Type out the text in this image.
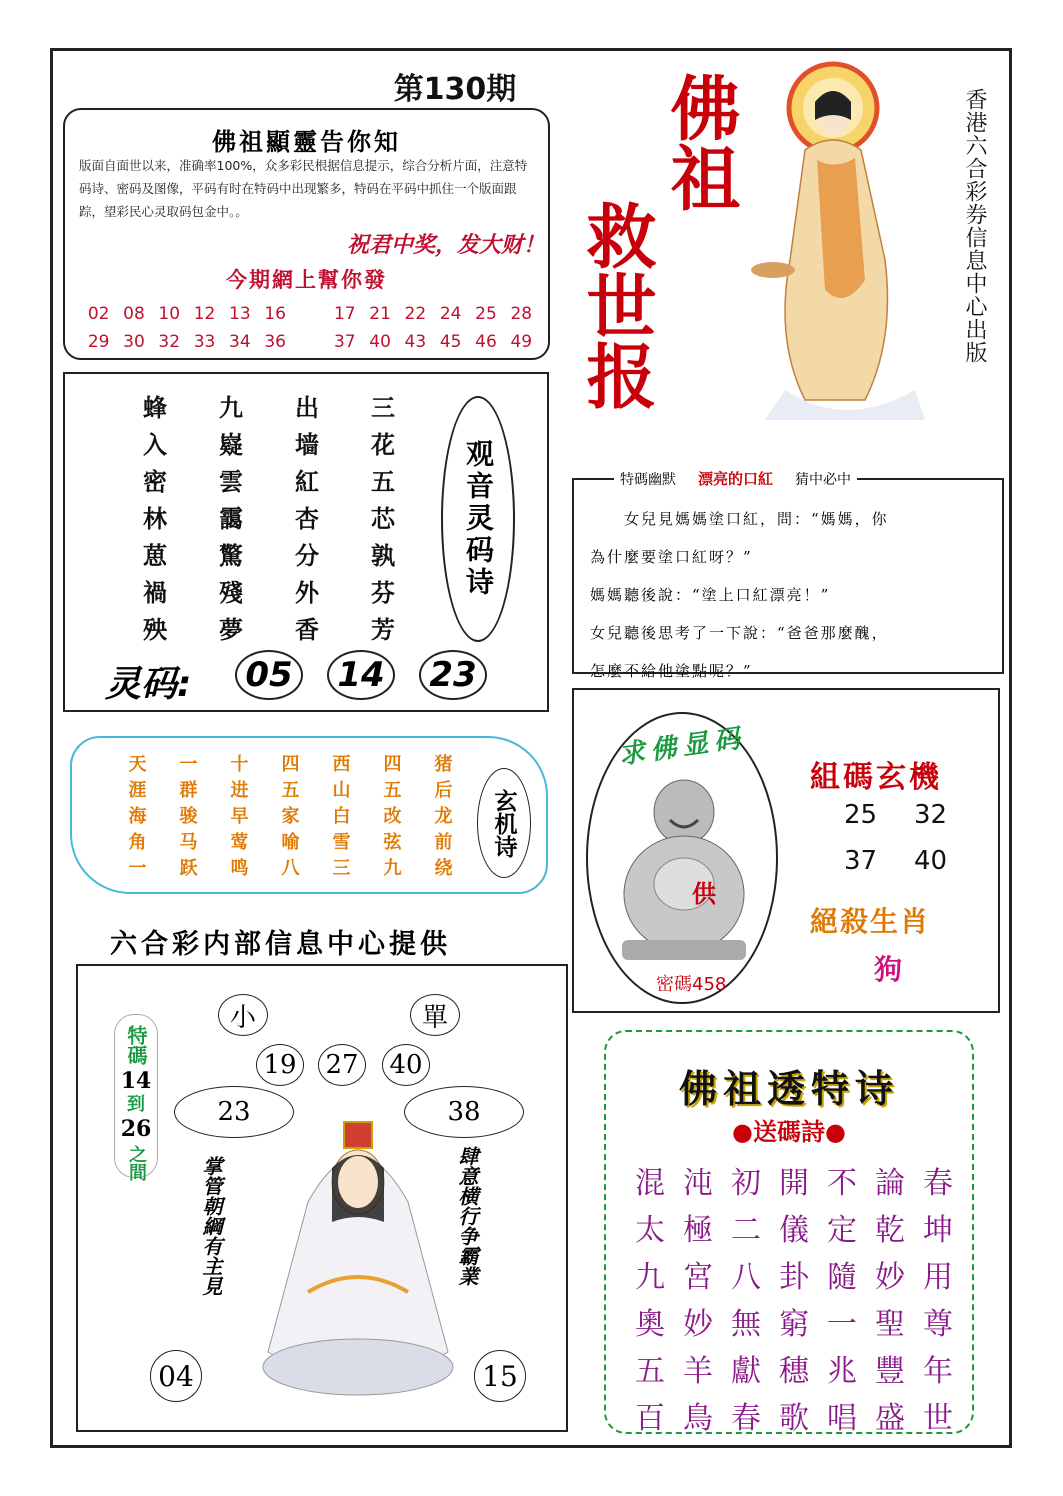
第130期
佛祖顯靈告你知
版面自面世以来，准确率100%，众多彩民根据信息提示，综合分析片面，注意特码诗、密码及图像，平码有时在特码中出现繁多，特码在平码中抓住一个版面跟踪，望彩民心灵取码包金中。。
祝君中奖，发大财！
今期網上幫你發
02 08 10 12 13 16	17 21 22 24 25 28
29 30 32 33 34 36	37 40 43 45 46 49
佛祖
救世报	香港六合彩券信息中心出版
蜂	九	出	三
入	嶷	墙	花
密	雲	紅	五
林	靄	杏	芯
葸	驚	分	孰
禍	殘	外	芬
殃	夢	香	芳
观音灵码诗
灵码:	05	14	23
特碼幽默 漂亮的口紅 猜中必中
　　女兒見媽媽塗口紅，問：“媽媽，你
為什麼要塗口紅呀？”
媽媽聽後說：“塗上口紅漂亮！”
女兒聽後思考了一下說：“爸爸那麼醜，
怎麼不給他塗點呢？”
天	一	十	四	西	四	猪
涯	群	进	五	山	五	后
海	骏	早	家	白	改	龙
角	马	莺	喻	雪	弦	前
一	跃	鸣	八	三	九	绕
玄机诗
六合彩内部信息中心提供
求佛显码
供
密碼458
組碼玄機
25 32
37 40
絕殺生肖
狗
小	單
19 27 40
23	38
特碼
14
到
26
之間	掌管朝綱有主見	肆意横行争霸業
04	15
佛祖透特诗
●送碼詩●
混 沌 初 開 不 論 春
太 極 二 儀 定 乾 坤
九 宮 八 卦 隨 妙 用
奧 妙 無 窮 一 聖 尊
五 羊 獻 穗 兆 豐 年
百 鳥 春 歌 唱 盛 世
